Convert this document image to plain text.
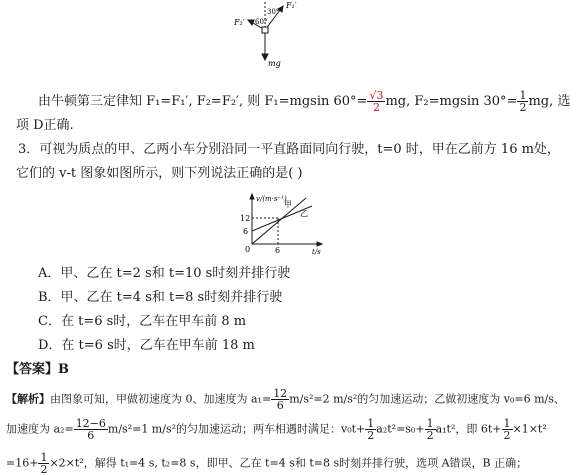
F₁′
F₂′
30°
60°
mg
由牛顿第三定律知 F₁=F₁′, F₂=F₂′, 则 F₁=mgsin $60^\circ= \frac{√3}{2}$ mg, F₂=mgsin $30^\circ= \frac{1}{2}$ mg, 选
项 D正确.
3．可视为质点的甲、乙两小车分别沿同一平直路面同向行驶，t=0 时，甲在乙前方 16 m处，
它们的 v-t 图象如图所示，则下列说法正确的是( )
v/(m·s⁻¹)
t/s
12
6
0	6
甲
乙
A．甲、乙在 t=2 s和 t=10 s时刻并排行驶
B．甲、乙在 t=4 s和 t=8 s时刻并排行驶
C．在 t=6 s时，乙车在甲车前 8 m
D．在 t=6 s时，乙车在甲车前 18 m
【答案】B
【解析】由图象可知，甲做初速度为 0、加速度为 $a_1= \frac{12}{6} m/s^2=2$ m/s²的匀加速运动；乙做初速度为 v₀=6 m/s、
加速度为 $a_2= \frac{12-6}{6} m/s^2=1$ m/s²的匀加速运动；两车相遇时满足：$v_0t+ \frac{1}{2} a_2t^2=s_0+ \frac{1}{2} a_1t^2$，即 $6t+ \frac{1}{2} \times 1\times t^2$
$=16+ \frac{1}{2} \times 2\times t^2$，解得 t₁=4 s, t₂=8 s，即甲、乙在 t=4 s和 t=8 s时刻并排行驶，选项 A错误，B 正确；
